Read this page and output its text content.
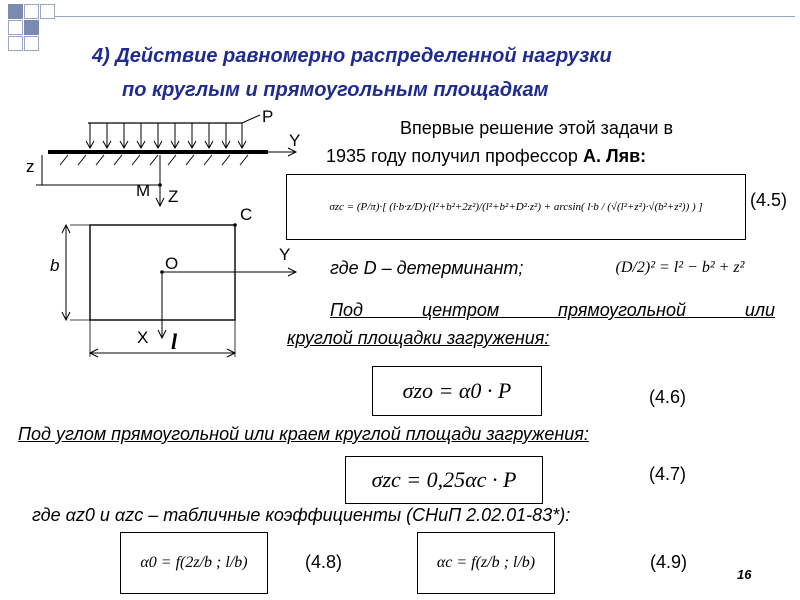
4) Действие равномерно распределенной нагрузки
по круглым и прямоугольным площадкам
Впервые решение этой задачи в
1935 году получил профессор А. Ляв:
P
Y
z
M Z
C
b	O	Y
X l
σzc = (P/π)·[ (l·b·z/D)·(l²+b²+2z²)/(l²+b²+D²·z²) + arcsin( l·b / (√(l²+z²)·√(b²+z²)) ) ]	(4.5)
где D – детерминант;	(D/2)² = l² − b² + z²
Под центром прямоугольной или
круглой площадки загружения:
σzo = α0 · P	(4.6)
Под углом прямоугольной или краем круглой площади загружения:
σzc = 0,25αc · P	(4.7)
где αz0 и αzc – табличные коэффициенты (СНиП 2.02.01-83*):
α0 = f(2z/b ; l/b)	(4.8)	αc = f(z/b ; l/b)	(4.9)
16
